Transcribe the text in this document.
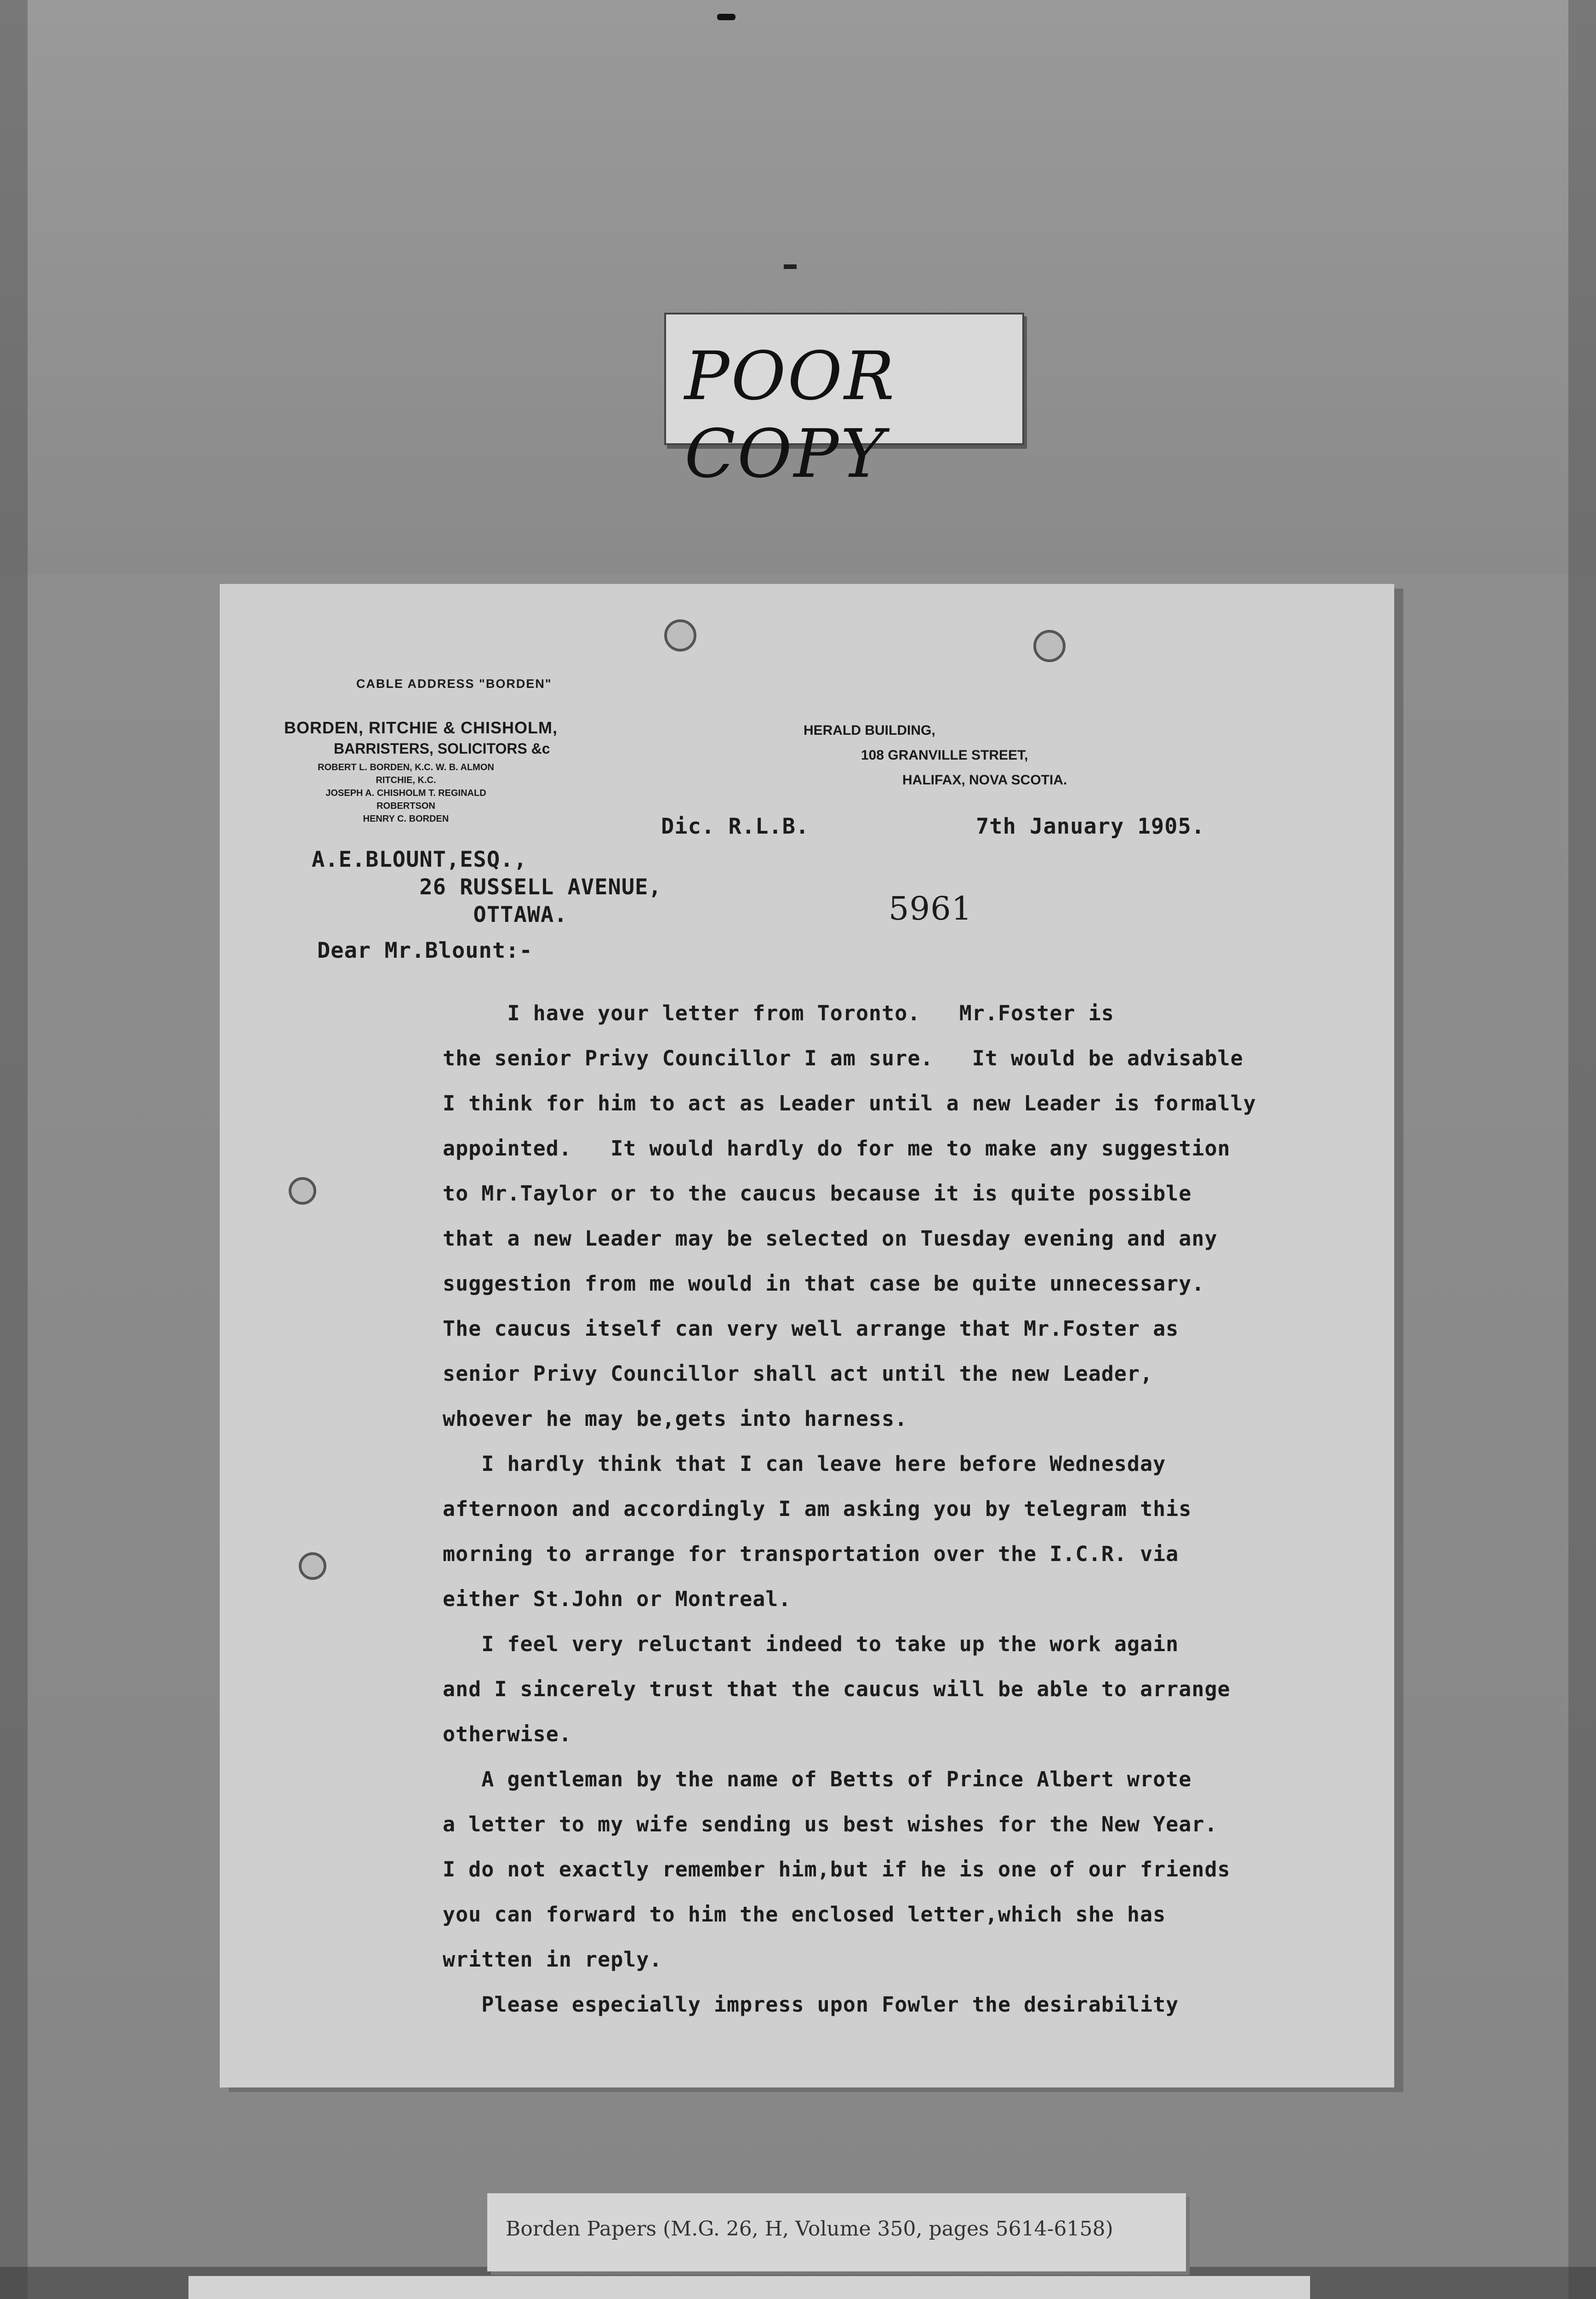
POOR COPY
CABLE ADDRESS "BORDEN"
BORDEN, RITCHIE & CHISHOLM,
BARRISTERS, SOLICITORS &c
ROBERT L. BORDEN, K.C. W. B. ALMON RITCHIE, K.C.
JOSEPH A. CHISHOLM T. REGINALD ROBERTSON
HENRY C. BORDEN
HERALD BUILDING,
108 GRANVILLE STREET,
HALIFAX, NOVA SCOTIA.
Dic. R.L.B.	7th January 1905.
A.E.BLOUNT,ESQ.,
26 RUSSELL AVENUE,
OTTAWA.	5961
Dear Mr.Blount:-
I have your letter from Toronto.   Mr.Foster is
the senior Privy Councillor I am sure.   It would be advisable
I think for him to act as Leader until a new Leader is formally
appointed.   It would hardly do for me to make any suggestion
to Mr.Taylor or to the caucus because it is quite possible
that a new Leader may be selected on Tuesday evening and any
suggestion from me would in that case be quite unnecessary.
The caucus itself can very well arrange that Mr.Foster as
senior Privy Councillor shall act until the new Leader,
whoever he may be,gets into harness.
I hardly think that I can leave here before Wednesday
afternoon and accordingly I am asking you by telegram this
morning to arrange for transportation over the I.C.R. via
either St.John or Montreal.
I feel very reluctant indeed to take up the work again
and I sincerely trust that the caucus will be able to arrange
otherwise.
A gentleman by the name of Betts of Prince Albert wrote
a letter to my wife sending us best wishes for the New Year.
I do not exactly remember him,but if he is one of our friends
you can forward to him the enclosed letter,which she has
written in reply.
Please especially impress upon Fowler the desirability
Borden Papers (M.G. 26, H, Volume 350, pages 5614-6158)
